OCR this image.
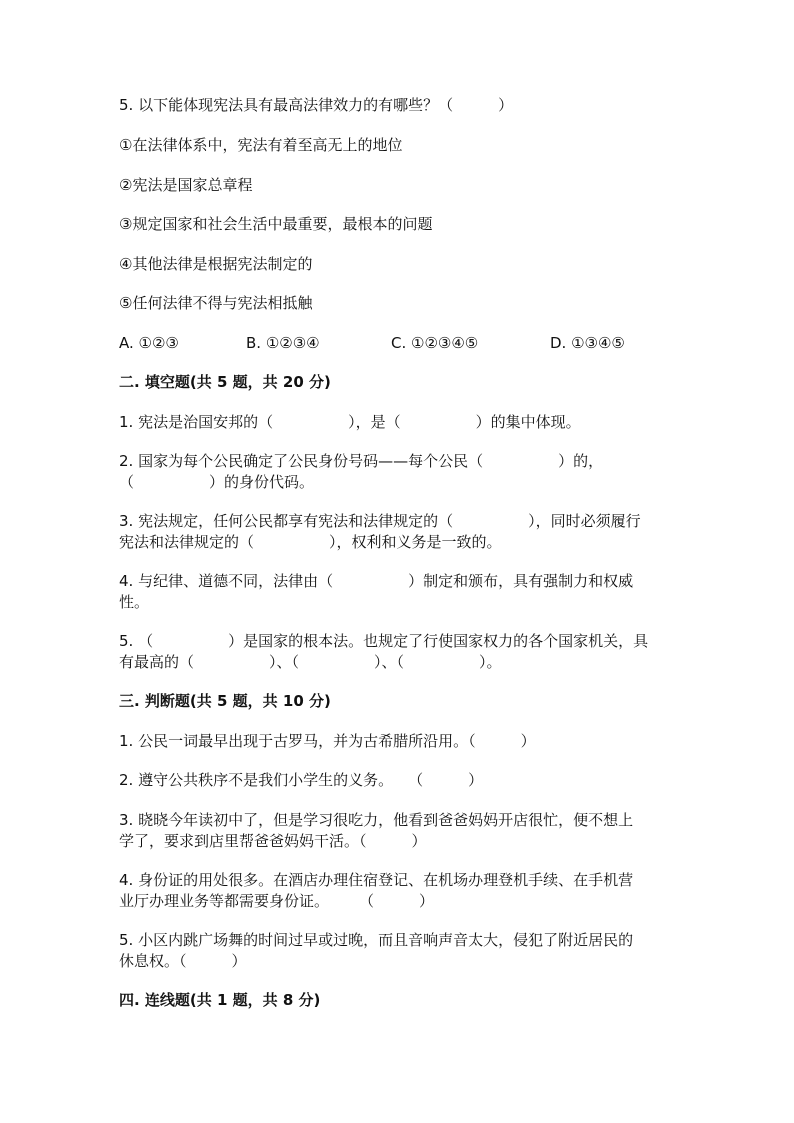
5. 以下能体现宪法具有最高法律效力的有哪些？（　　　）
①在法律体系中，宪法有着至高无上的地位
②宪法是国家总章程
③规定国家和社会生活中最重要，最根本的问题
④其他法律是根据宪法制定的
⑤任何法律不得与宪法相抵触
A. ①②③	B. ①②③④	C. ①②③④⑤	D. ①③④⑤
二. 填空题(共 5 题，共 20 分)
1. 宪法是治国安邦的（　　　　　），是（　　　　　）的集中体现。
2. 国家为每个公民确定了公民身份号码——每个公民（　　　　　）的，
（　　　　　）的身份代码。
3. 宪法规定，任何公民都享有宪法和法律规定的（　　　　　），同时必须履行
宪法和法律规定的（　　　　　），权利和义务是一致的。
4. 与纪律、道德不同，法律由（　　　　　）制定和颁布，具有强制力和权威
性。
5. （　　　　　）是国家的根本法。也规定了行使国家权力的各个国家机关，具
有最高的（　　　　　）、（　　　　　）、（　　　　　）。
三. 判断题(共 5 题，共 10 分)
1. 公民一词最早出现于古罗马，并为古希腊所沿用。（　　　）
2. 遵守公共秩序不是我们小学生的义务。　　（　　　）
3. 晓晓今年读初中了，但是学习很吃力，他看到爸爸妈妈开店很忙，便不想上
学了，要求到店里帮爸爸妈妈干活。（　　　）
4. 身份证的用处很多。在酒店办理住宿登记、在机场办理登机手续、在手机营
业厅办理业务等都需要身份证。　　　（　　　）
5. 小区内跳广场舞的时间过早或过晚，而且音响声音太大，侵犯了附近居民的
休息权。（　　　）
四. 连线题(共 1 题，共 8 分)
